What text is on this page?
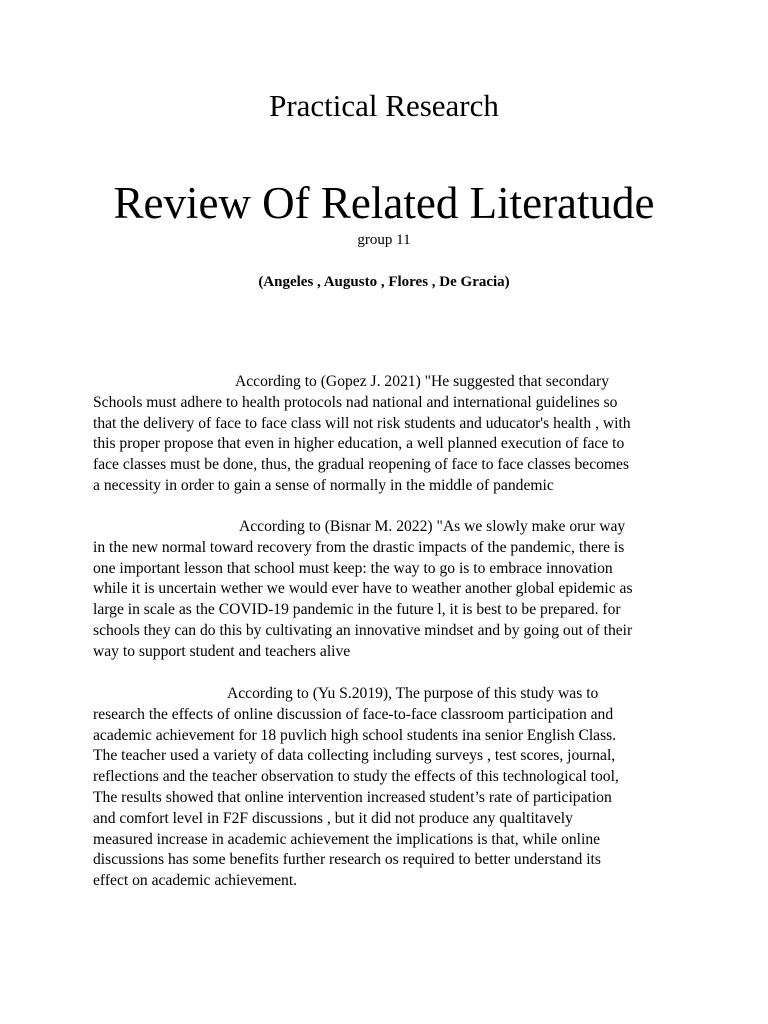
Practical Research
Review Of Related Literatude
group 11
(Angeles , Augusto , Flores , De Gracia)
According to (Gopez J. 2021) "He suggested that secondary
Schools must adhere to health protocols nad national and international guidelines so
that the delivery of face to face class will not risk students and uducator's health , with
this proper propose that even in higher education, a well planned execution of face to
face classes must be done, thus, the gradual reopening of face to face classes becomes
a necessity in order to gain a sense of normally in the middle of pandemic
According to (Bisnar M. 2022) "As we slowly make orur way
in the new normal toward recovery from the drastic impacts of the pandemic, there is
one important lesson that school must keep: the way to go is to embrace innovation
while it is uncertain wether we would ever have to weather another global epidemic as
large in scale as the COVID-19 pandemic in the future l, it is best to be prepared. for
schools they can do this by cultivating an innovative mindset and by going out of their
way to support student and teachers alive
According to (Yu S.2019), The purpose of this study was to
research the effects of online discussion of face-to-face classroom participation and
academic achievement for 18 puvlich high school students ina senior English Class.
The teacher used a variety of data collecting including surveys , test scores, journal,
reflections and the teacher observation to study the effects of this technological tool,
The results showed that online intervention increased student’s rate of participation
and comfort level in F2F discussions , but it did not produce any qualtitavely
measured increase in academic achievement the implications is that, while online
discussions has some benefits further research os required to better understand its
effect on academic achievement.
